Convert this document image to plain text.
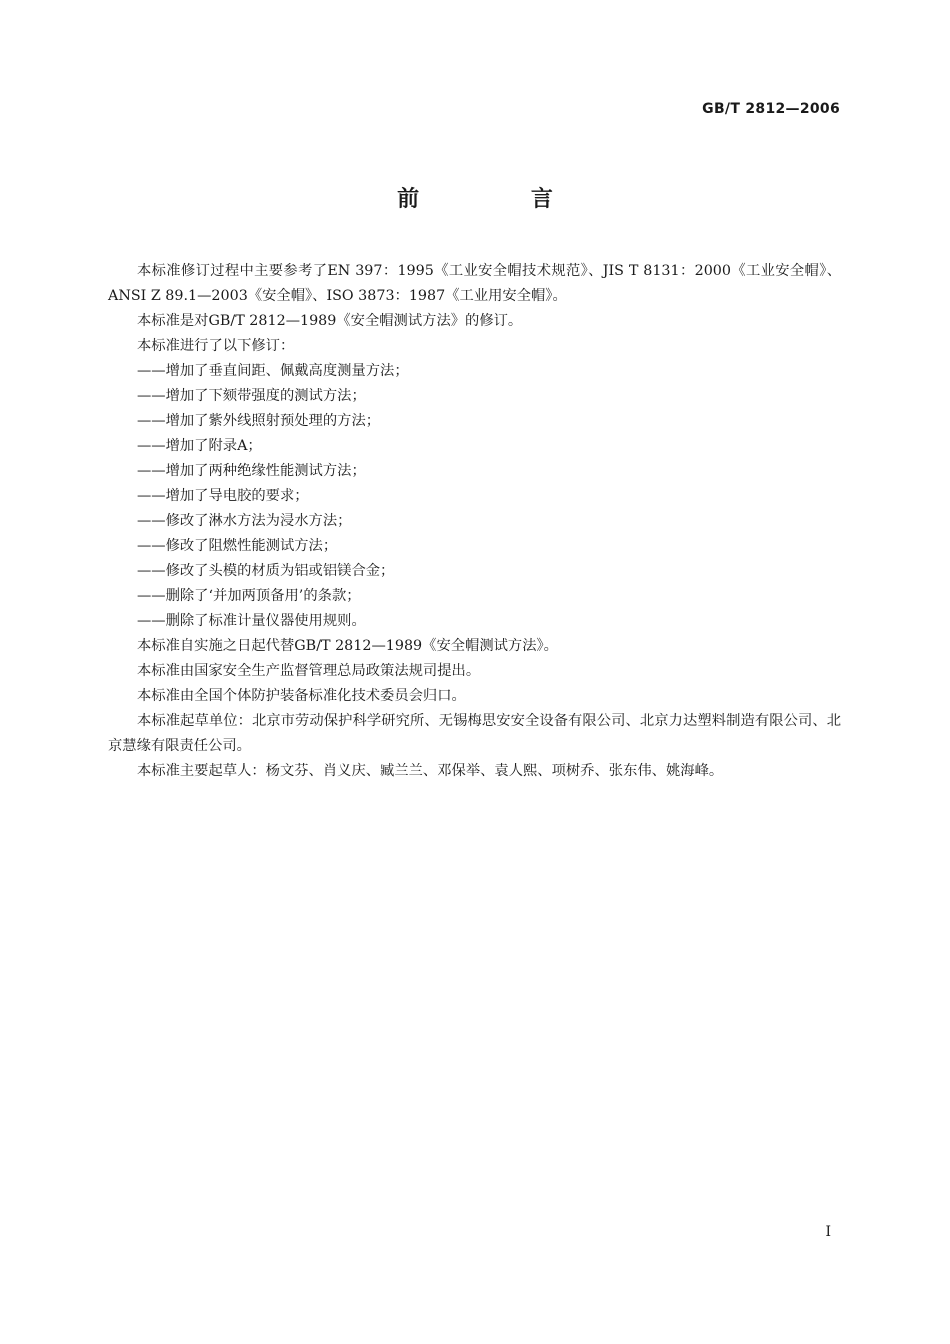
GB/T 2812—2006
前 言

本标准修订过程中主要参考了EN 397：1995《工业安全帽技术规范》、JIS T 8131：2000《工业安全帽》、ANSI Z 89.1—2003《安全帽》、ISO 3873：1987《工业用安全帽》。

本标准是对GB/T 2812—1989《安全帽测试方法》的修订。

本标准进行了以下修订：

——增加了垂直间距、佩戴高度测量方法；

——增加了下颏带强度的测试方法；

——增加了紫外线照射预处理的方法；

——增加了附录A；

——增加了两种绝缘性能测试方法；

——增加了导电胶的要求；

——修改了淋水方法为浸水方法；

——修改了阻燃性能测试方法；

——修改了头模的材质为铝或铝镁合金；

——删除了‘并加两顶备用’的条款；

——删除了标准计量仪器使用规则。

本标准自实施之日起代替GB/T 2812—1989《安全帽测试方法》。

本标准由国家安全生产监督管理总局政策法规司提出。

本标准由全国个体防护装备标准化技术委员会归口。

本标准起草单位：北京市劳动保护科学研究所、无锡梅思安安全设备有限公司、北京力达塑料制造有限公司、北京慧缘有限责任公司。

本标准主要起草人：杨文芬、肖义庆、臧兰兰、邓保举、袁人熙、项树乔、张东伟、姚海峰。

I
